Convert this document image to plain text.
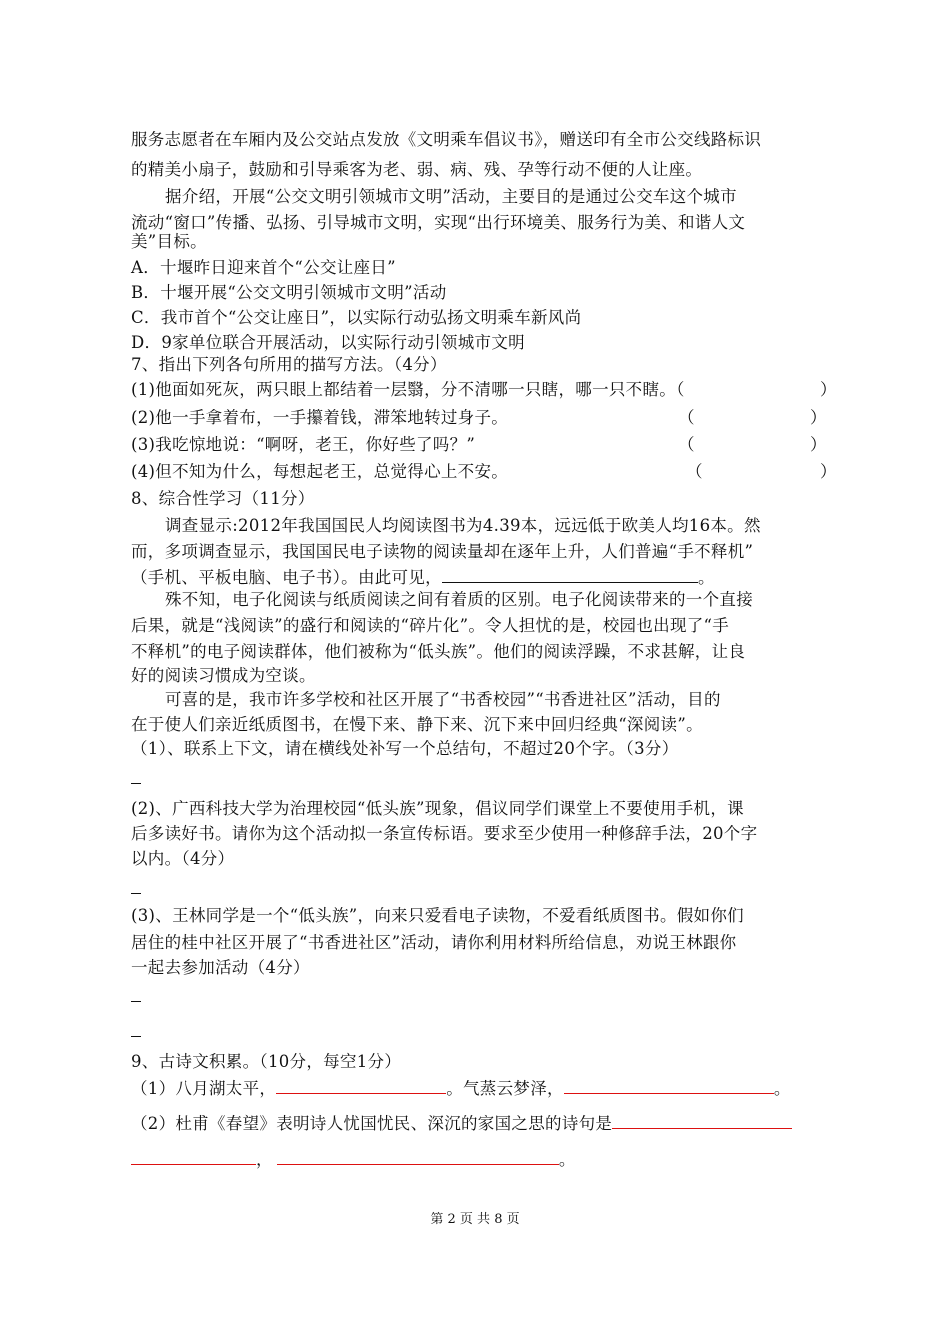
服务志愿者在车厢内及公交站点发放《文明乘车倡议书》，赠送印有全市公交线路标识
的精美小扇子，鼓励和引导乘客为老、弱、病、残、孕等行动不便的人让座。
据介绍，开展“公交文明引领城市文明”活动，主要目的是通过公交车这个城市
流动“窗口”传播、弘扬、引导城市文明，实现“出行环境美、服务行为美、和谐人文
美”目标。
A．十堰昨日迎来首个“公交让座日”
B．十堰开展“公交文明引领城市文明”活动
C．我市首个“公交让座日”，以实际行动弘扬文明乘车新风尚
D．9家单位联合开展活动，以实际行动引领城市文明
7、指出下列各句所用的描写方法。（4分）
(1)他面如死灰，两只眼上都结着一层翳，分不清哪一只瞎，哪一只不瞎。（	）
(2)他一手拿着布，一手攥着钱，滞笨地转过身子。	（	）
(3)我吃惊地说：“啊呀，老王，你好些了吗？”	（	）
(4)但不知为什么，每想起老王，总觉得心上不安。	（	）
8、综合性学习（11分）
调查显示:2012年我国国民人均阅读图书为4.39本，远远低于欧美人均16本。然
而，多项调查显示，我国国民电子读物的阅读量却在逐年上升，人们普遍“手不释机”
（手机、平板电脑、电子书）。由此可见，	。
殊不知，电子化阅读与纸质阅读之间有着质的区别。电子化阅读带来的一个直接
后果，就是“浅阅读”的盛行和阅读的“碎片化”。令人担忧的是，校园也出现了“手
不释机”的电子阅读群体，他们被称为“低头族”。他们的阅读浮躁，不求甚解，让良
好的阅读习惯成为空谈。
可喜的是，我市许多学校和社区开展了“书香校园”“书香进社区”活动，目的
在于使人们亲近纸质图书，在慢下来、静下来、沉下来中回归经典“深阅读”。
（1）、联系上下文，请在横线处补写一个总结句，不超过20个字。（3分）
(2)、广西科技大学为治理校园“低头族”现象，倡议同学们课堂上不要使用手机，课
后多读好书。请你为这个活动拟一条宣传标语。要求至少使用一种修辞手法，20个字
以内。（4分）
(3)、王林同学是一个“低头族”，向来只爱看电子读物，不爱看纸质图书。假如你们
居住的桂中社区开展了“书香进社区”活动，请你利用材料所给信息，劝说王林跟你
一起去参加活动（4分）
9、古诗文积累。（10分，每空1分）
（1）八月湖太平，	。气蒸云梦泽，	。
（2）杜甫《春望》表明诗人忧国忧民、深沉的家国之思的诗句是
，	。
第 2 页 共 8 页
